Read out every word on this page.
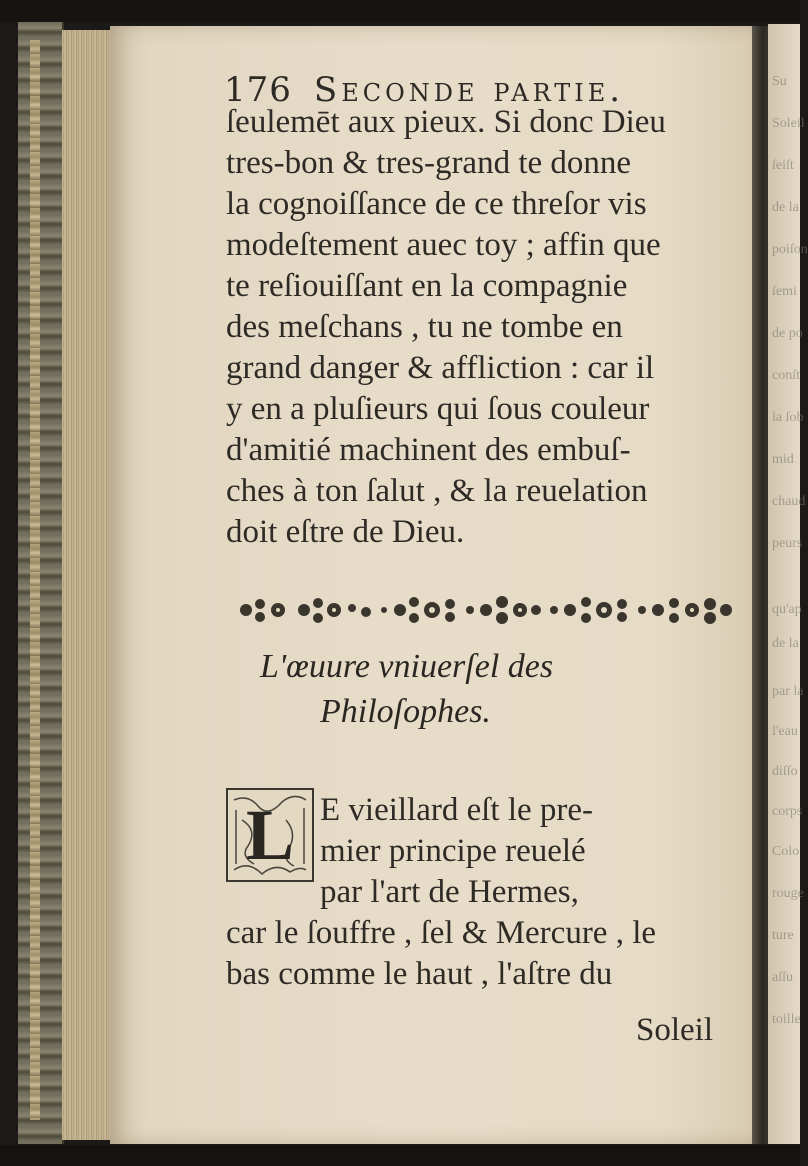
Su
Soleil
ſeiſt
de la
poiſon
ſemi
de po
conſt
la ſob
mid
chaud
peurs
qu'ap
de la
par la
l'eau
diſſo
corps
Colo
rouge
ture
aſſu
toille
176 Seconde partie.
ſeulemēt aux pieux. Si donc Dieu
tres-bon & tres-grand te donne
la cognoiſſance de ce threſor vis
modeſtement auec toy ; affin que
te reſiouiſſant en la compagnie
des meſchans , tu ne tombe en
grand danger & affliction : car il
y en a pluſieurs qui ſous couleur
d'amitié machinent des embuſ-
ches à ton ſalut , & la reuelation
doit eſtre de Dieu.
L'œuure vniuerſel des
Philoſophes.
L E vieillard eſt le pre-
mier principe reuelé
par l'art de Hermes,
car le ſouffre , ſel & Mercure , le
bas comme le haut , l'aſtre du
Soleil
